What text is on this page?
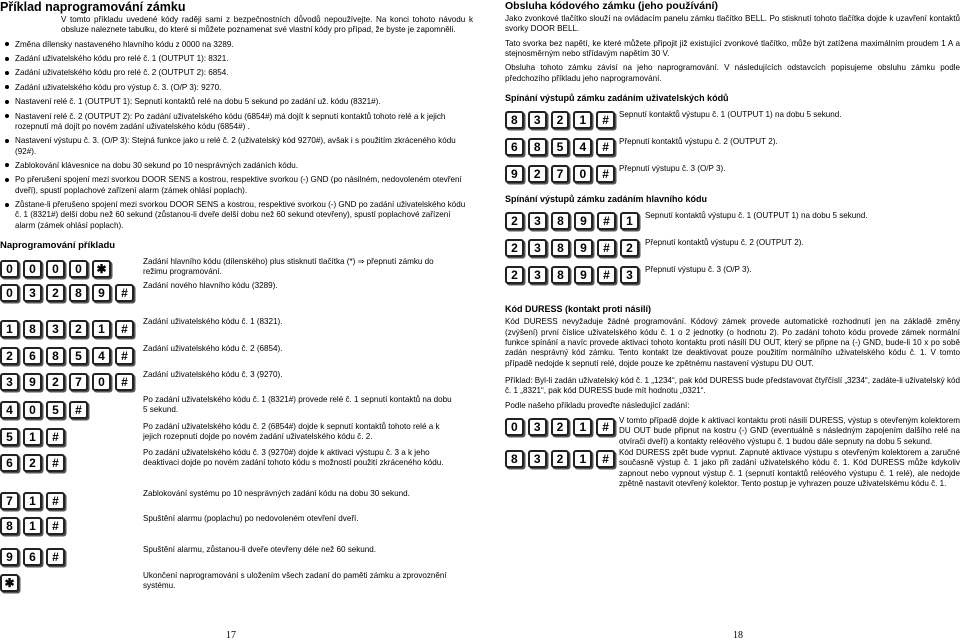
Příklad naprogramování zámku

V tomto příkladu uvedené kódy raději sami z bezpečnostních důvodů nepoužívejte. Na konci tohoto návodu k obsluze naleznete tabulku, do které si můžete poznamenat své vlastní kódy pro případ, že byste je zapomněli.

Změna dílensky nastaveného hlavního kódu z 0000 na 3289.
Zadání uživatelského kódu pro relé č. 1 (OUTPUT 1): 8321.
Zadání uživatelského kódu pro relé č. 2 (OUTPUT 2): 6854.
Zadání uživatelského kódu pro výstup č. 3. (O/P 3): 9270.
Nastavení relé č. 1 (OUTPUT 1): Sepnutí kontaktů relé na dobu 5 sekund po zadání už. kódu (8321#).
Nastavení relé č. 2 (OUTPUT 2): Po zadání uživatelského kódu (6854#) má dojít k sepnutí kontaktů tohoto relé a k jejich rozepnutí má dojít po novém zadání uživatelského kódu (6854#) .
Nastavení výstupu č. 3. (O/P 3): Stejná funkce jako u relé č. 2 (uživatelský kód 9270#), avšak i s použitím zkráceného kódu (92#).
Zablokování klávesnice na dobu 30 sekund po 10 nesprávných zadáních kódu.
Po přerušení spojení mezi svorkou DOOR SENS a kostrou, respektive svorkou (-) GND (po násilném, nedovoleném otevření dveří), spustí poplachové zařízení alarm (zámek ohlásí poplach).
Zůstane-li přerušeno spojení mezi svorkou DOOR SENS a kostrou, respektive svorkou (-) GND po zadání uživatelského kódu č. 1 (8321#) delší dobu než 60 sekund (zůstanou-li dveře delší dobu než 60 sekund otevřeny), spustí poplachové zařízení alarm (zámek ohlásí poplach).
Naprogramování příkladu
0	0	0	0	✱
Zadání hlavního kódu (dílenského) plus stisknutí tlačítka (*) ⇒ přepnutí zámku do režimu programování.
0	3	2	8	9	#
Zadání nového hlavního kódu (3289).
1	8	3	2	1	#
Zadání uživatelského kódu č. 1 (8321).
2	6	8	5	4	#
Zadání uživatelského kódu č. 2 (6854).
3	9	2	7	0	#
Zadání uživatelského kódu č. 3 (9270).
4	0	5	#
Po zadání uživatelského kódu č. 1 (8321#) provede relé č. 1 sepnutí kontaktů na dobu 5 sekund.
5	1	#
Po zadání uživatelského kódu č. 2 (6854#) dojde k sepnutí kontaktů tohoto relé a k jejich rozepnutí dojde po novém zadání uživatelského kódu č. 2.
6	2	#
Po zadání uživatelského kódu č. 3 (9270#) dojde k aktivaci výstupu č. 3 a k jeho deaktivaci dojde po novém zadání tohoto kódu s možností použití zkráceného kódu.
7	1	#
Zablokování systému po 10 nesprávných zadání kódu na dobu 30 sekund.
8	1	#
Spuštění alarmu (poplachu) po nedovoleném otevření dveří.
9	6	#
Spuštění alarmu, zůstanou-li dveře otevřeny déle než 60 sekund.
✱
Ukončení naprogramování s uložením všech zadaní do paměti zámku a zprovoznění systému.
17
Obsluha kódového zámku (jeho používání)

Jako zvonkové tlačítko slouží na ovládacím panelu zámku tlačítko BELL. Po stisknutí tohoto tlačítka dojde k uzavření kontaktů svorky DOOR BELL.

Tato svorka bez napětí, ke které můžete připojit již existující zvonkové tlačítko, může být zatížena maximálním proudem 1 A a stejnosměrným nebo střídavým napětím 30 V.

Obsluha tohoto zámku závisí na jeho naprogramování. V následujících odstavcích popisujeme obsluhu zámku podle předchozího příkladu jeho naprogramování.

Spínání výstupů zámku zadáním uživatelských kódů
8	3	2	1	#	Sepnutí kontaktů výstupu č. 1 (OUTPUT 1) na dobu 5 sekund.

6	8	5	4	#	Přepnutí kontaktů výstupu č. 2 (OUTPUT 2).

9	2	7	0	#	Přepnutí výstupu č. 3 (O/P 3).

Spínání výstupů zámku zadáním hlavního kódu
2	3	8	9	#	1	Sepnutí kontaktů výstupu č. 1 (OUTPUT 1) na dobu 5 sekund.

2	3	8	9	#	2	Přepnutí kontaktů výstupu č. 2 (OUTPUT 2).

2	3	8	9	#	3	Přepnutí výstupu č. 3 (O/P 3).

Kód DURESS (kontakt proti násilí)

Kód DURESS nevyžaduje žádné programování. Kódový zámek provede automatické rozhodnutí jen na základě změny (zvýšení) první číslice uživatelského kódu č. 1 o 2 jednotky (o hodnotu 2). Po zadání tohoto kódu provede zámek normální funkce spínání a navíc provede aktivaci tohoto kontaktu proti násilí DU OUT, který se připne na (-) GND, bude-li 10 x po sobě zadán nesprávný kód zámku. Tento kontakt lze deaktivovat pouze použitím normálního uživatelského kódu č. 1. V tomto případě nedojde k sepnutí relé, dojde pouze ke zpětnému nastavení výstupu DU OUT.

Příklad: Byl-li zadán uživatelský kód č. 1 „1234“, pak kód DURESS bude představovat čtyřčíslí „3234“, zadáte-li uživatelský kód č. 1 „8321“, pak kód DURESS bude mít hodnotu „0321“.

Podle našeho příkladu proveďte následující zadání:

0	3	2	1	#	V tomto případě dojde k aktivaci kontaktu proti násilí DURESS, výstup s otevřeným kolektorem DU OUT bude připnut na kostru (-) GND (eventuálně s následným zapojením dalšího relé na otvírači dveří) a kontakty reléového výstupu č. 1 budou dále sepnuty na dobu 5 sekund.

8	3	2	1	#	Kód DURESS zpět bude vypnut. Zapnuté aktivace výstupu s otevřeným kolektorem a zaručné současně výstup č. 1 jako při zadání uživatelského kódu č. 1. Kód DURESS může kdykoliv zapnout nebo vypnout výstup č. 1 (sepnutí kontaktů reléového výstupu č. 1 relé), ale nedojde zpětně nastavit otevřený kolektor. Tento postup je vyhrazen pouze uživatelskému kódu č. 1.

18
